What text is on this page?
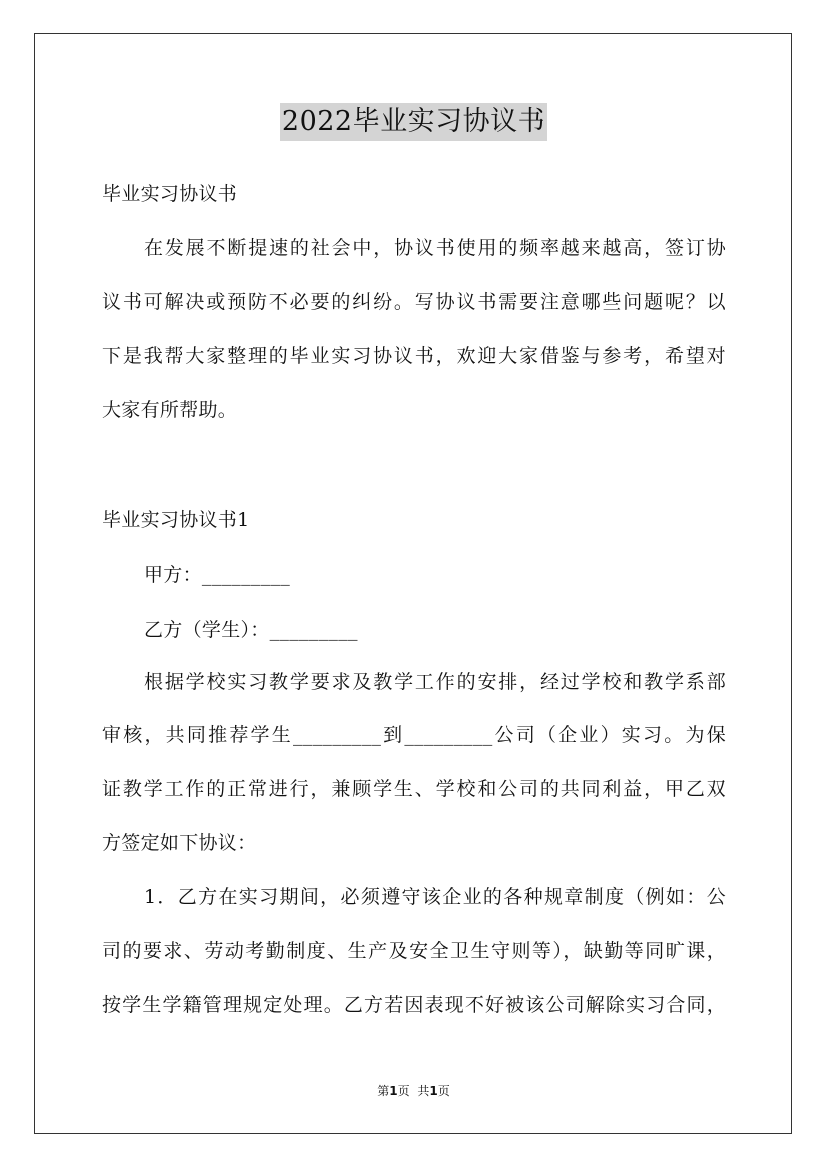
2022毕业实习协议书
毕业实习协议书
在发展不断提速的社会中，协议书使用的频率越来越高，签订协
议书可解决或预防不必要的纠纷。写协议书需要注意哪些问题呢？以
下是我帮大家整理的毕业实习协议书，欢迎大家借鉴与参考，希望对
大家有所帮助。
毕业实习协议书1
甲方：_________
乙方（学生）：_________
根据学校实习教学要求及教学工作的安排，经过学校和教学系部
审核，共同推荐学生_________到_________公司（企业）实习。为保
证教学工作的正常进行，兼顾学生、学校和公司的共同利益，甲乙双
方签定如下协议：
1．乙方在实习期间，必须遵守该企业的各种规章制度（例如：公
司的要求、劳动考勤制度、生产及安全卫生守则等），缺勤等同旷课，
按学生学籍管理规定处理。乙方若因表现不好被该公司解除实习合同，
第1页 共1页
